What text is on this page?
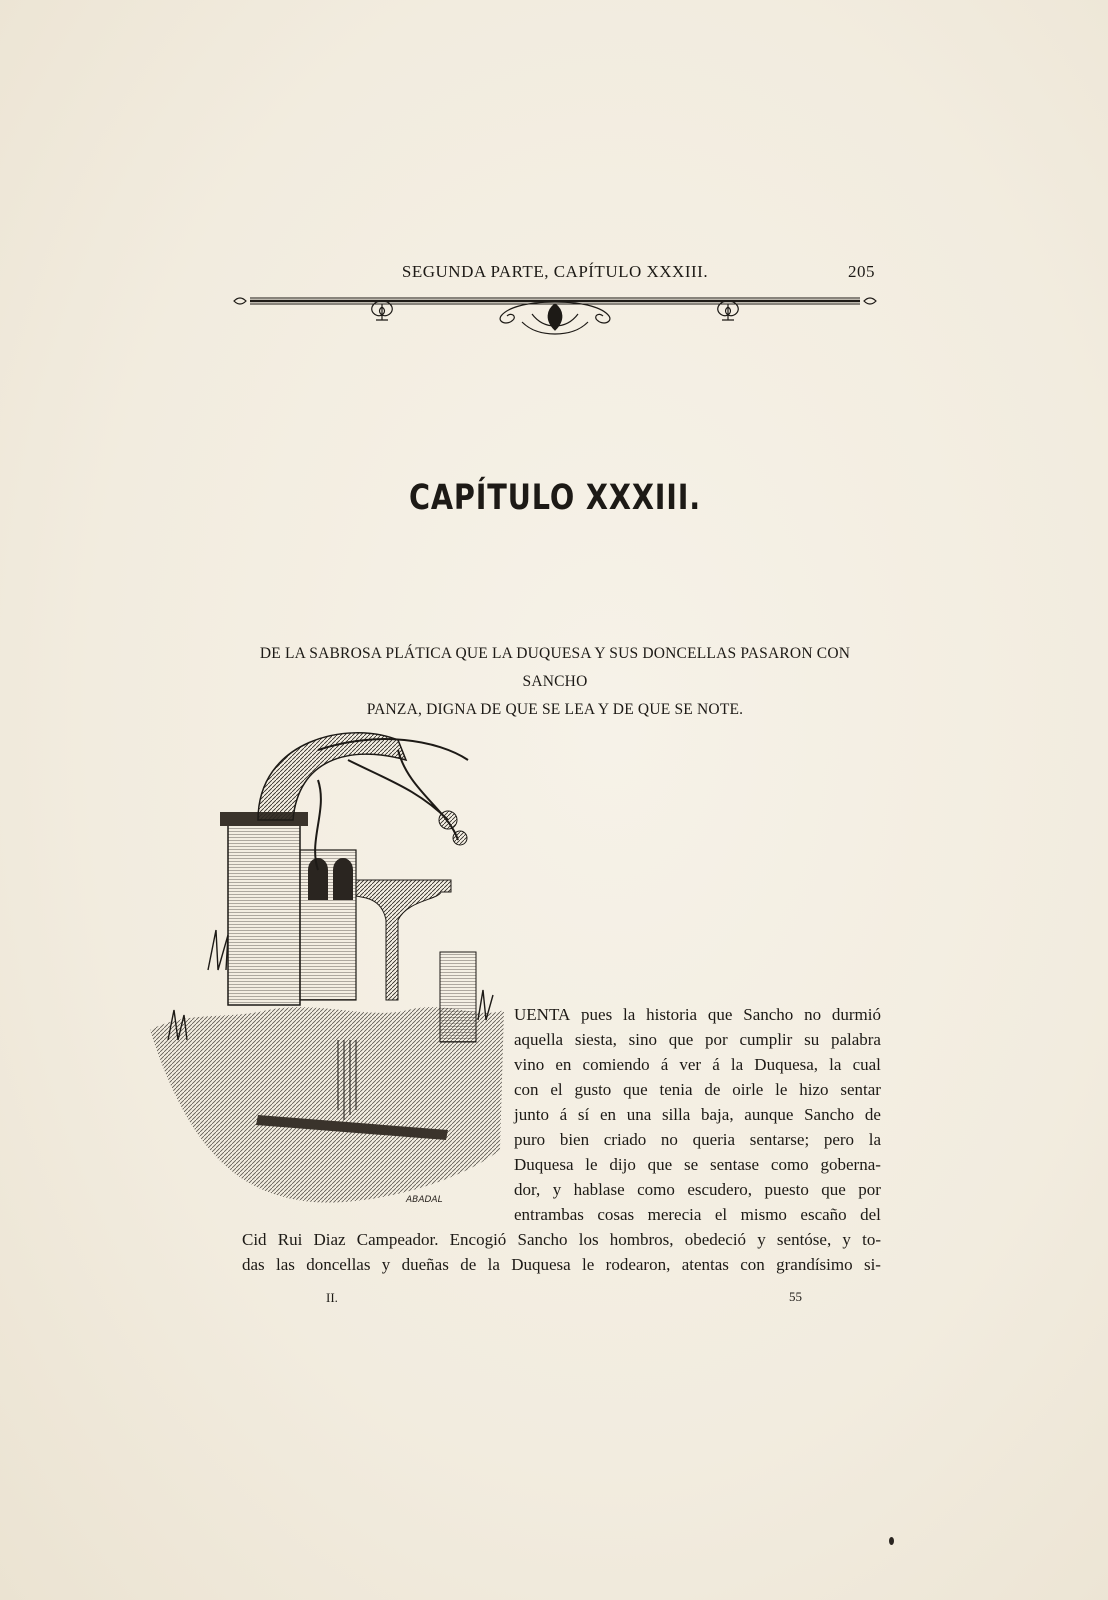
SEGUNDA PARTE, CAPÍTULO XXXIII.	205
CAPÍTULO XXXIII.
DE LA SABROSA PLÁTICA QUE LA DUQUESA Y SUS DONCELLAS PASARON CON SANCHO
PANZA, DIGNA DE QUE SE LEA Y DE QUE SE NOTE.
ABADAL
UENTA pues la historia que Sancho no durmió
aquella siesta, sino que por cumplir su palabra
vino en comiendo á ver á la Duquesa, la cual
con el gusto que tenia de oirle le hizo sentar
junto á sí en una silla baja, aunque Sancho de
puro bien criado no queria sentarse; pero la
Duquesa le dijo que se sentase como goberna-
dor, y hablase como escudero, puesto que por
entrambas cosas merecia el mismo escaño del
Cid Rui Diaz Campeador. Encogió Sancho los hombros, obedeció y sentóse, y to-
das las doncellas y dueñas de la Duquesa le rodearon, atentas con grandísimo si-
II.	55
